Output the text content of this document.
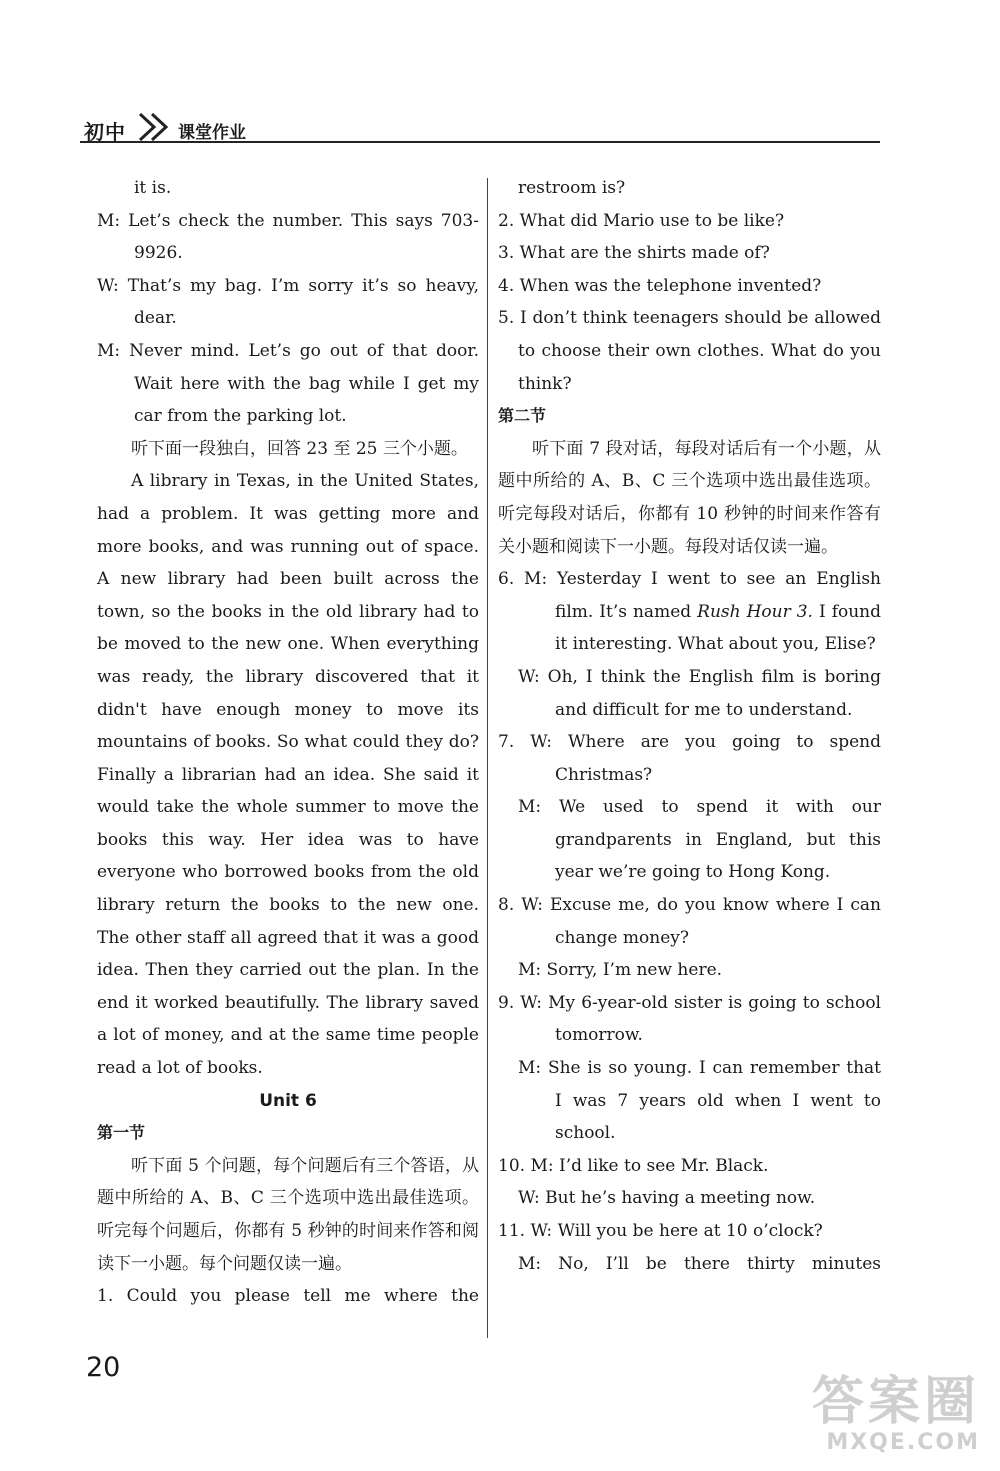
初中	课堂作业

it is.

M: Let’s check the number. This says 703-

9926.

W: That’s my bag. I’m sorry it’s so heavy,

dear.

M: Never mind. Let’s go out of that door.

Wait here with the bag while I get my car from the parking lot.

听下面一段独白，回答 23 至 25 三个小题。

A library in Texas, in the United States, had a problem. It was getting more and more books, and was running out of space. A new library had been built across the town, so the books in the old library had to be moved to the new one. When everything was ready, the library discovered that it didn't have enough money to move its mountains of books. So what could they do? Finally a librarian had an idea. She said it would take the whole summer to move the books this way. Her idea was to have everyone who borrowed books from the old library return the books to the new one. The other staff all agreed that it was a good idea. Then they carried out the plan. In the end it worked beautifully. The library saved a lot of money, and at the same time people read a lot of books.

Unit 6

第一节

听下面 5 个问题，每个问题后有三个答语，从题中所给的 A、B、C 三个选项中选出最佳选项。听完每个问题后，你都有 5 秒钟的时间来作答和阅读下一小题。每个问题仅读一遍。

1. Could you please tell me where the

restroom is?

2. What did Mario use to be like?

3. What are the shirts made of?

4. When was the telephone invented?

5. I don’t think teenagers should be allowed to choose their own clothes. What do you think?

第二节

听下面 7 段对话，每段对话后有一个小题，从题中所给的 A、B、C 三个选项中选出最佳选项。听完每段对话后，你都有 10 秒钟的时间来作答有关小题和阅读下一小题。每段对话仅读一遍。

6. M: Yesterday I went to see an English film. It’s named Rush Hour 3. I found it interesting. What about you, Elise?

W: Oh, I think the English film is boring and difficult for me to understand.

7. W: Where are you going to spend Christmas?

M: We used to spend it with our grandparents in England, but this year we’re going to Hong Kong.

8. W: Excuse me, do you know where I can change money?

M: Sorry, I’m new here.

9. W: My 6-year-old sister is going to school tomorrow.

M: She is so young. I can remember that I was 7 years old when I went to school.

10. M: I’d like to see Mr. Black.

W: But he’s having a meeting now.

11. W: Will you be here at 10 o’clock?

M: No, I’ll be there thirty minutes

20
答案圈
MXQE.COM
